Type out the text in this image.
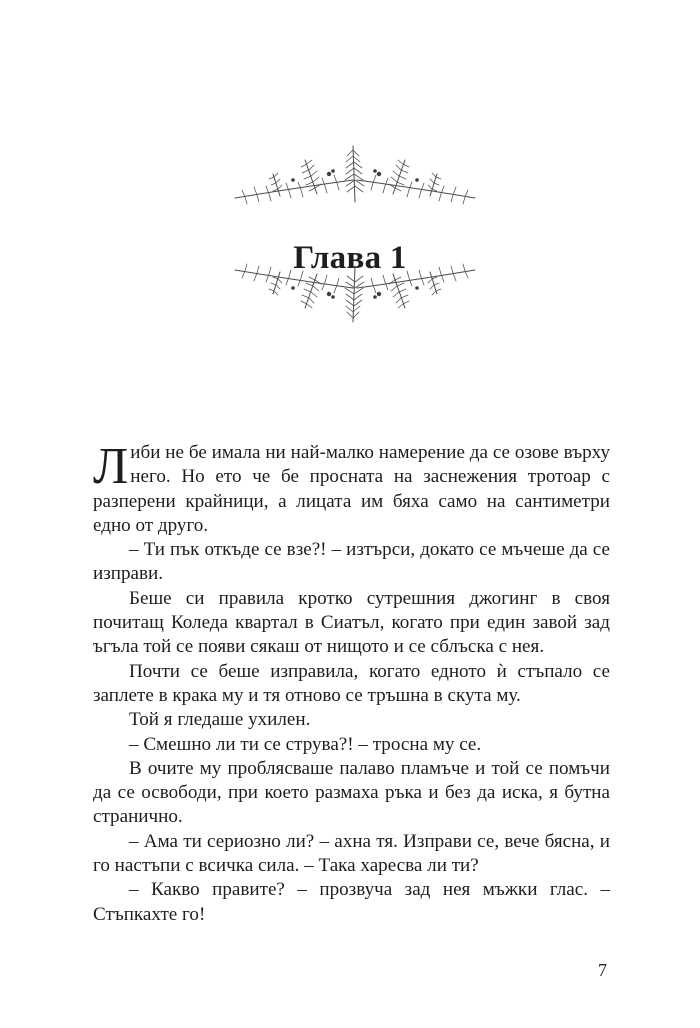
Глава 1

Либи не бе имала ни най-малко намерение да се озове върху него. Но ето че бе просната на заснежения тротоар с разперени крайници, а лицата им бяха само на сантиметри едно от друго.

– Ти пък откъде се взе?! – изтърси, докато се мъчеше да се изправи.

Беше си правила кротко сутрешния джогинг в своя почитащ Коледа квартал в Сиатъл, когато при един завой зад ъгъла той се появи сякаш от нищото и се сблъска с нея.

Почти се беше изправила, когато едното ѝ стъпало се заплете в крака му и тя отново се тръшна в скута му.

Той я гледаше ухилен.

– Смешно ли ти се струва?! – тросна му се.

В очите му проблясваше палаво пламъче и той се помъчи да се освободи, при което размаха ръка и без да иска, я бутна странично.

– Ама ти сериозно ли? – ахна тя. Изправи се, вече бясна, и го настъпи с всичка сила. – Така харесва ли ти?

– Какво правите? – прозвуча зад нея мъжки глас. – Стъпкахте го!

7
